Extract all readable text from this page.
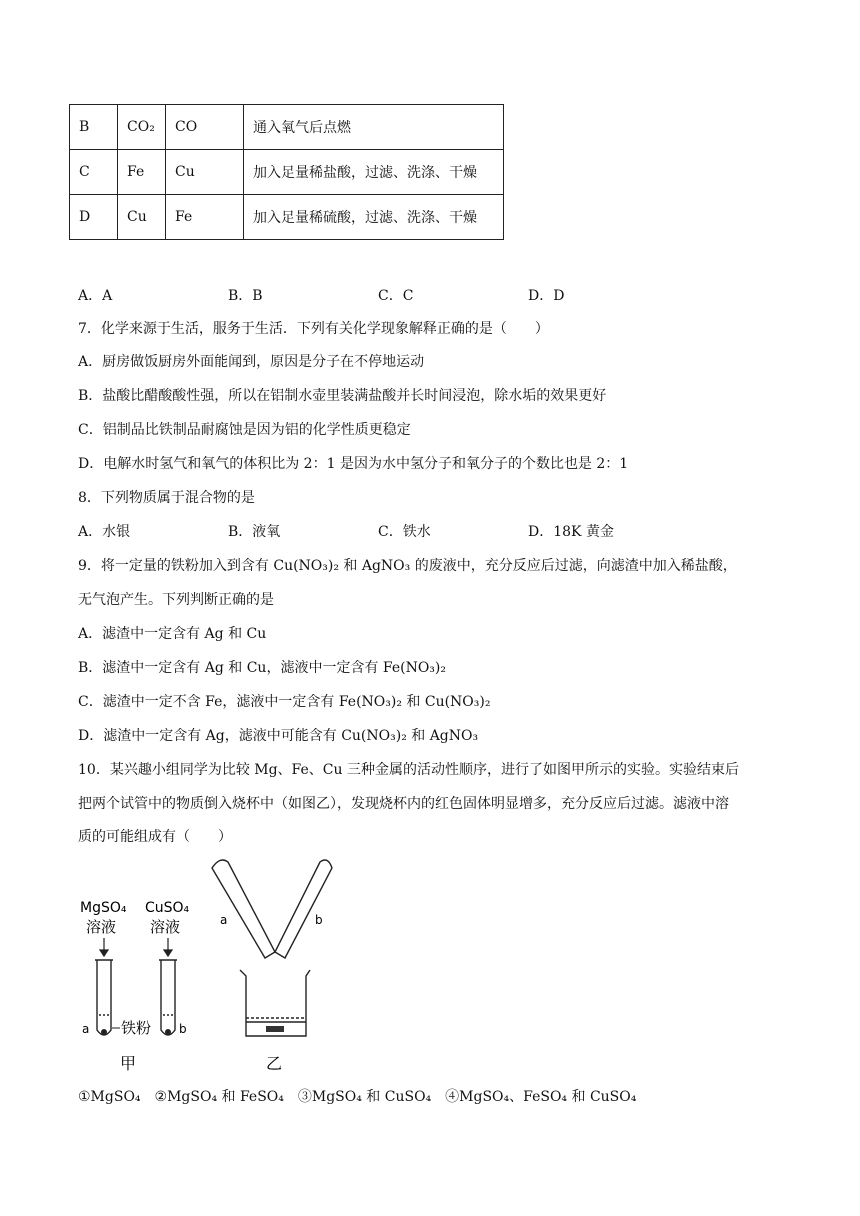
B	CO₂	CO	通入氧气后点燃
C	Fe	Cu	加入足量稀盐酸，过滤、洗涤、干燥
D	Cu	Fe	加入足量稀硫酸，过滤、洗涤、干燥
A．A	B．B	C．C	D．D
7．化学来源于生活，服务于生活．下列有关化学现象解释正确的是（　　）
A．厨房做饭厨房外面能闻到，原因是分子在不停地运动
B．盐酸比醋酸酸性强，所以在铝制水壶里装满盐酸并长时间浸泡，除水垢的效果更好
C．铝制品比铁制品耐腐蚀是因为铝的化学性质更稳定
D．电解水时氢气和氧气的体积比为 2：1 是因为水中氢分子和氧分子的个数比也是 2：1
8．下列物质属于混合物的是
A．水银	B．液氧	C．铁水	D．18K 黄金
9．将一定量的铁粉加入到含有 Cu(NO₃)₂ 和 AgNO₃ 的废液中，充分反应后过滤，向滤渣中加入稀盐酸，
无气泡产生。下列判断正确的是
A．滤渣中一定含有 Ag 和 Cu
B．滤渣中一定含有 Ag 和 Cu，滤液中一定含有 Fe(NO₃)₂
C．滤渣中一定不含 Fe，滤液中一定含有 Fe(NO₃)₂ 和 Cu(NO₃)₂
D．滤渣中一定含有 Ag，滤液中可能含有 Cu(NO₃)₂ 和 AgNO₃
10．某兴趣小组同学为比较 Mg、Fe、Cu 三种金属的活动性顺序，进行了如图甲所示的实验。实验结束后
把两个试管中的物质倒入烧杯中（如图乙），发现烧杯内的红色固体明显增多，充分反应后过滤。滤液中溶
质的可能组成有（　　）
MgSO₄ CuSO₄
溶液 溶液
a	b
铁粉
甲
a	b
乙
①MgSO₄　②MgSO₄ 和 FeSO₄　③MgSO₄ 和 CuSO₄　④MgSO₄、FeSO₄ 和 CuSO₄
